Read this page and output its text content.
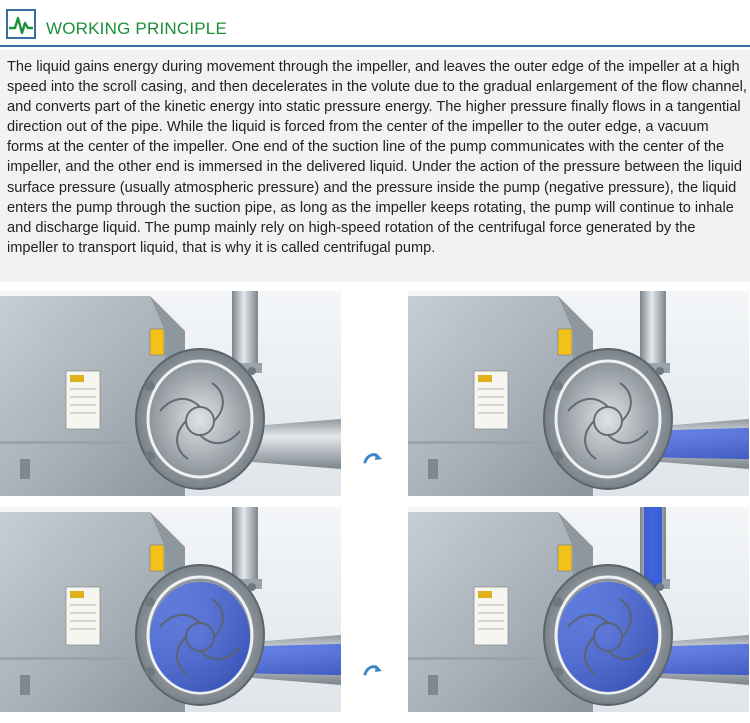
WORKING PRINCIPLE

The liquid gains energy during movement through the impeller, and leaves the outer edge of the impeller at a high speed into the scroll casing, and then decelerates in the volute due to the gradual enlargement of the flow channel, and converts part of the kinetic energy into static pressure energy. The higher pressure finally flows in a tangential direction out of the pipe. While the liquid is forced from the center of the impeller to the outer edge, a vacuum forms at the center of the impeller. One end of the suction line of the pump communicates with the center of the impeller, and the other end is immersed in the delivered liquid. Under the action of the pressure between the liquid surface pressure (usually atmospheric pressure) and the pressure inside the pump (negative pressure), the liquid enters the pump through the suction pipe, as long as the impeller keeps rotating, the pump will continue to inhale and discharge liquid. The pump mainly rely on high-speed rotation of the centrifugal force generated by the impeller to transport liquid, that is why it is called centrifugal pump.
